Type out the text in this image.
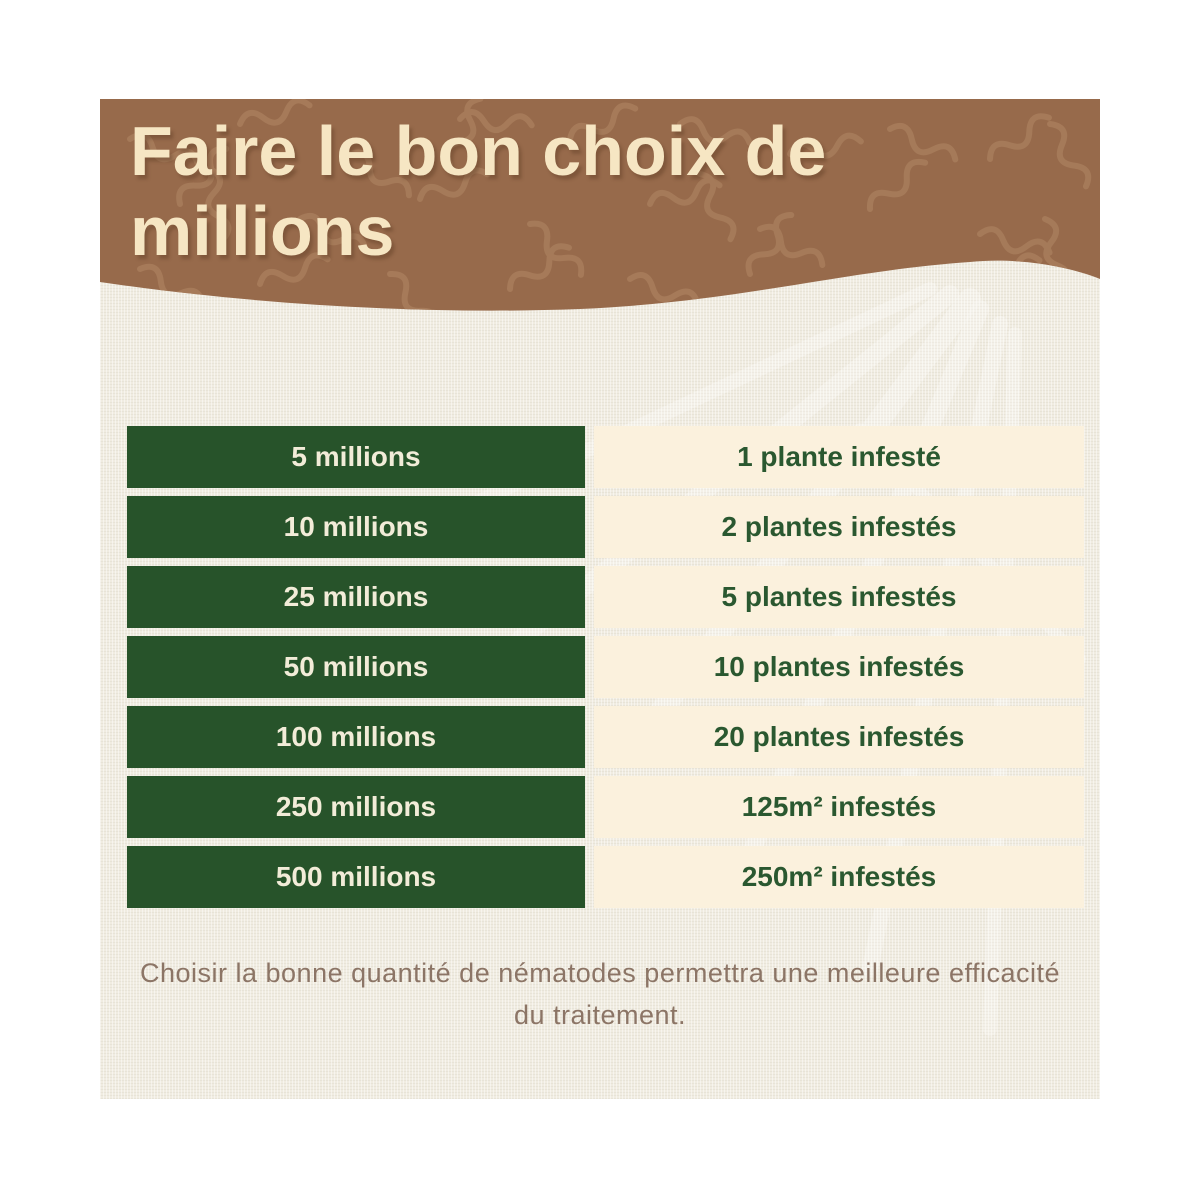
Faire le bon choix de
millions
5 millions	1 plante infesté
10 millions	2 plantes infestés
25 millions	5 plantes infestés
50 millions	10 plantes infestés
100 millions	20 plantes infestés
250 millions	125m² infestés
500 millions	250m² infestés
Choisir la bonne quantité de nématodes permettra une meilleure efficacité du traitement.
